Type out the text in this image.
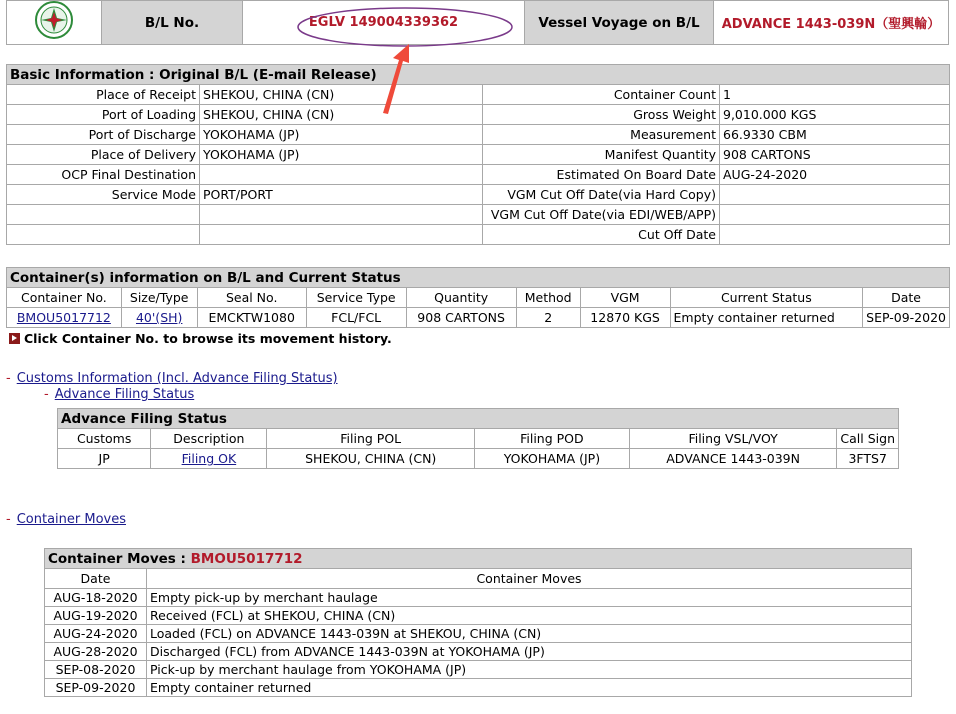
	B/L No.	EGLV 149004339362	Vessel Voyage on B/L	ADVANCE 1443-039N（聖興輪）
Basic Information : Original B/L (E-mail Release)			
Place of Receipt	SHEKOU, CHINA (CN)	Container Count	1
Port of Loading	SHEKOU, CHINA (CN)	Gross Weight	9,010.000 KGS
Port of Discharge	YOKOHAMA (JP)	Measurement	66.9330 CBM
Place of Delivery	YOKOHAMA (JP)	Manifest Quantity	908 CARTONS
OCP Final Destination		Estimated On Board Date	AUG-24-2020
Service Mode	PORT/PORT	VGM Cut Off Date(via Hard Copy)	
		VGM Cut Off Date(via EDI/WEB/APP)	
		Cut Off Date	
Container(s) information on B/L and Current Status								
Container No.	Size/Type	Seal No.	Service Type	Quantity	Method	VGM	Current Status	Date
BMOU5017712	40'(SH)	EMCKTW1080	FCL/FCL	908 CARTONS	2	12870 KGS	Empty container returned	SEP-09-2020
Click Container No. to browse its movement history.
- Customs Information (Incl. Advance Filing Status)
- Advance Filing Status
Advance Filing Status					
Customs	Description	Filing POL	Filing POD	Filing VSL/VOY	Call Sign
JP	Filing OK	SHEKOU, CHINA (CN)	YOKOHAMA (JP)	ADVANCE 1443-039N	3FTS7
- Container Moves
Container Moves : BMOU5017712	
Date	Container Moves
AUG-18-2020	Empty pick-up by merchant haulage
AUG-19-2020	Received (FCL) at SHEKOU, CHINA (CN)
AUG-24-2020	Loaded (FCL) on ADVANCE 1443-039N at SHEKOU, CHINA (CN)
AUG-28-2020	Discharged (FCL) from ADVANCE 1443-039N at YOKOHAMA (JP)
SEP-08-2020	Pick-up by merchant haulage from YOKOHAMA (JP)
SEP-09-2020	Empty container returned
